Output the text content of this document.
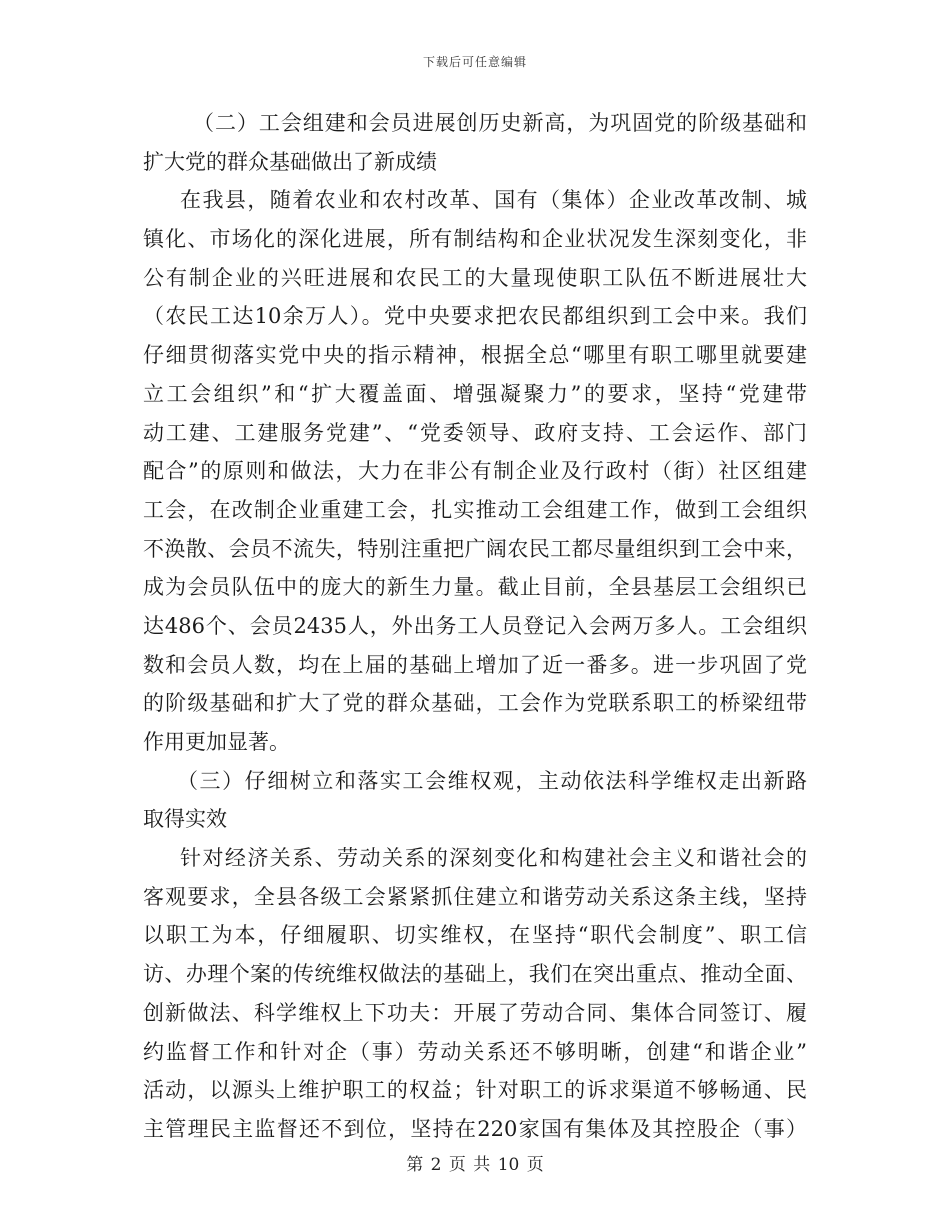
下载后可任意编辑
（二）工会组建和会员进展创历史新高，为巩固党的阶级基础和
扩大党的群众基础做出了新成绩
在我县，随着农业和农村改革、国有（集体）企业改革改制、城
镇化、市场化的深化进展，所有制结构和企业状况发生深刻变化，非
公有制企业的兴旺进展和农民工的大量现使职工队伍不断进展壮大
（农民工达10余万人）。党中央要求把农民都组织到工会中来。我们
仔细贯彻落实党中央的指示精神，根据全总“哪里有职工哪里就要建
立工会组织”和“扩大覆盖面、增强凝聚力”的要求，坚持“党建带
动工建、工建服务党建”、“党委领导、政府支持、工会运作、部门
配合”的原则和做法，大力在非公有制企业及行政村（街）社区组建
工会，在改制企业重建工会，扎实推动工会组建工作，做到工会组织
不涣散、会员不流失，特别注重把广阔农民工都尽量组织到工会中来，
成为会员队伍中的庞大的新生力量。截止目前，全县基层工会组织已
达486个、会员2435人，外出务工人员登记入会两万多人。工会组织
数和会员人数，均在上届的基础上增加了近一番多。进一步巩固了党
的阶级基础和扩大了党的群众基础，工会作为党联系职工的桥梁纽带
作用更加显著。
（三）仔细树立和落实工会维权观，主动依法科学维权走出新路
取得实效
针对经济关系、劳动关系的深刻变化和构建社会主义和谐社会的
客观要求，全县各级工会紧紧抓住建立和谐劳动关系这条主线，坚持
以职工为本，仔细履职、切实维权，在坚持“职代会制度”、职工信
访、办理个案的传统维权做法的基础上，我们在突出重点、推动全面、
创新做法、科学维权上下功夫：开展了劳动合同、集体合同签订、履
约监督工作和针对企（事）劳动关系还不够明晰，创建“和谐企业”
活动，以源头上维护职工的权益；针对职工的诉求渠道不够畅通、民
主管理民主监督还不到位，坚持在220家国有集体及其控股企（事）
第 2 页 共 10 页
